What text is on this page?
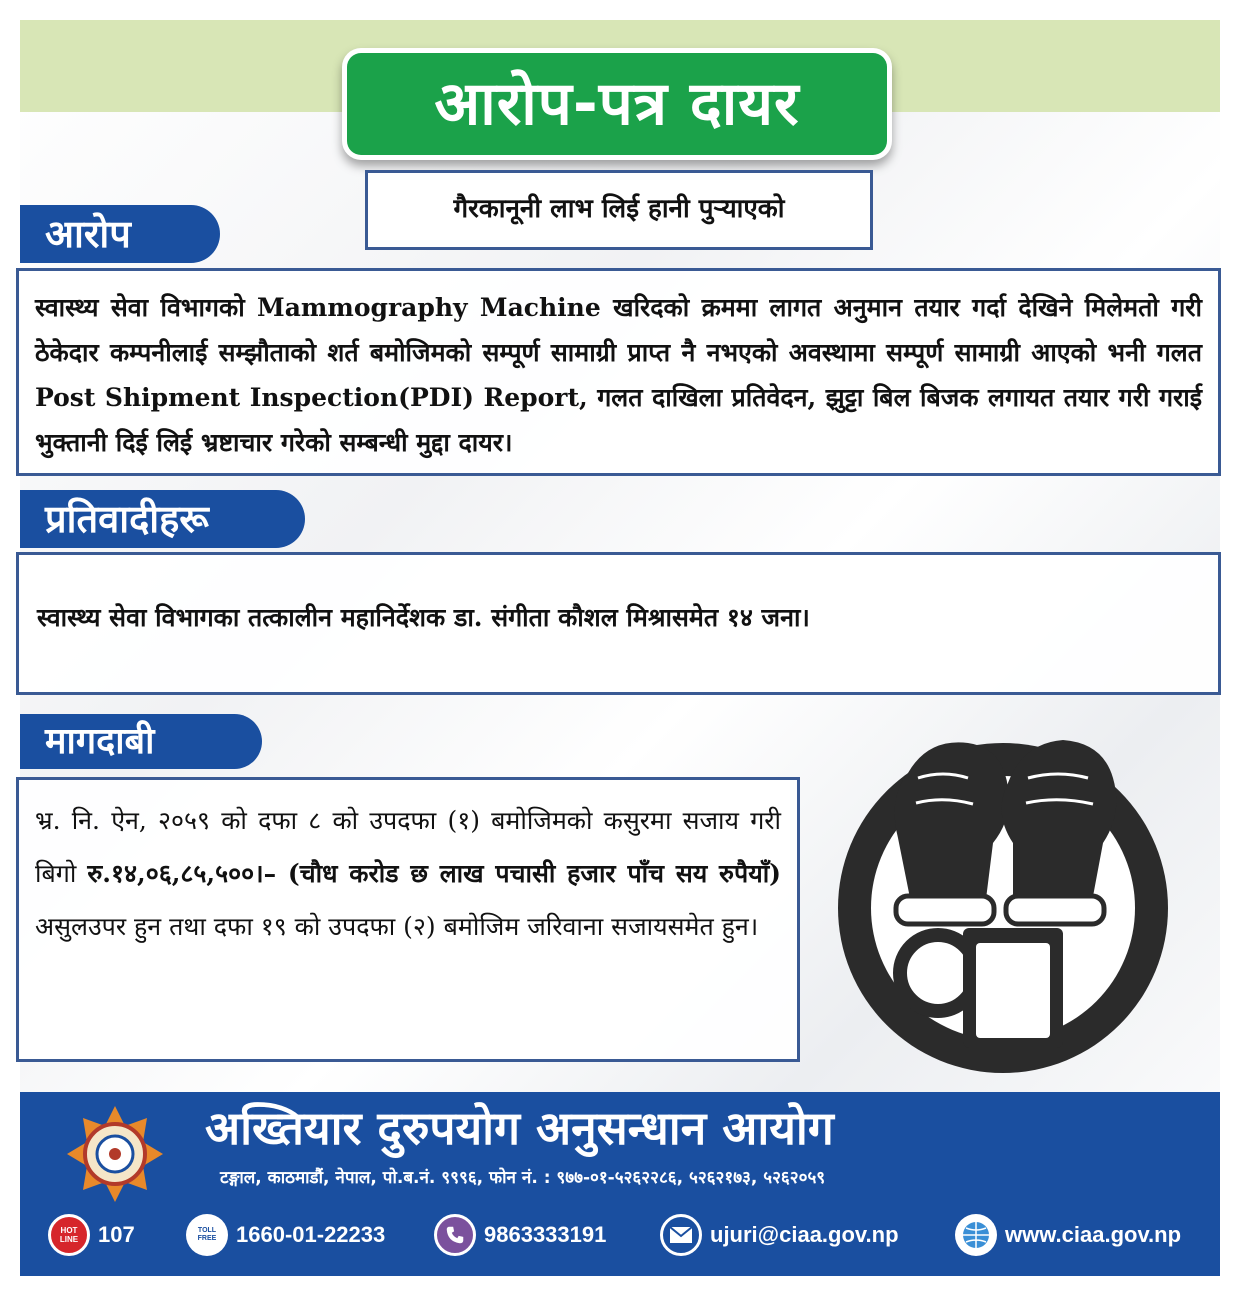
आरोप-पत्र दायर
गैरकानूनी लाभ लिई हानी पुऱ्याएको
आरोप

स्वास्थ्य सेवा विभागको Mammography Machine खरिदको क्रममा लागत अनुमान तयार गर्दा देखिने मिलेमतो गरी ठेकेदार कम्पनीलाई सम्झौताको शर्त बमोजिमको सम्पूर्ण सामाग्री प्राप्त नै नभएको अवस्थामा सम्पूर्ण सामाग्री आएको भनी गलत Post Shipment Inspection(PDI) Report, गलत दाखिला प्रतिवेदन, झुट्टा बिल बिजक लगायत तयार गरी गराई भुक्तानी दिई लिई भ्रष्टाचार गरेको सम्बन्धी मुद्दा दायर।

प्रतिवादीहरू

स्वास्थ्य सेवा विभागका तत्कालीन महानिर्देशक डा. संगीता कौशल मिश्रासमेत १४ जना।

मागदाबी

भ्र. नि. ऐन, २०५९ को दफा ८ को उपदफा (१) बमोजिमको कसुरमा सजाय गरी बिगो रु.१४,०६,८५,५००।– (चौध करोड छ लाख पचासी हजार पाँच सय रुपैयाँ) असुलउपर हुन तथा दफा १९ को उपदफा (२) बमोजिम जरिवाना सजायसमेत हुन।

अख्तियार दुरुपयोग अनुसन्धान आयोग
टङ्गाल, काठमाडौं, नेपाल, पो.ब.नं. ९९९६, फोन नं. : ९७७-०१-५२६२२८६, ५२६२१७३, ५२६२०५९
HOT LINE 107	TOLL FREE 1660-01-22233	9863333191	ujuri@ciaa.gov.np	www.ciaa.gov.np
